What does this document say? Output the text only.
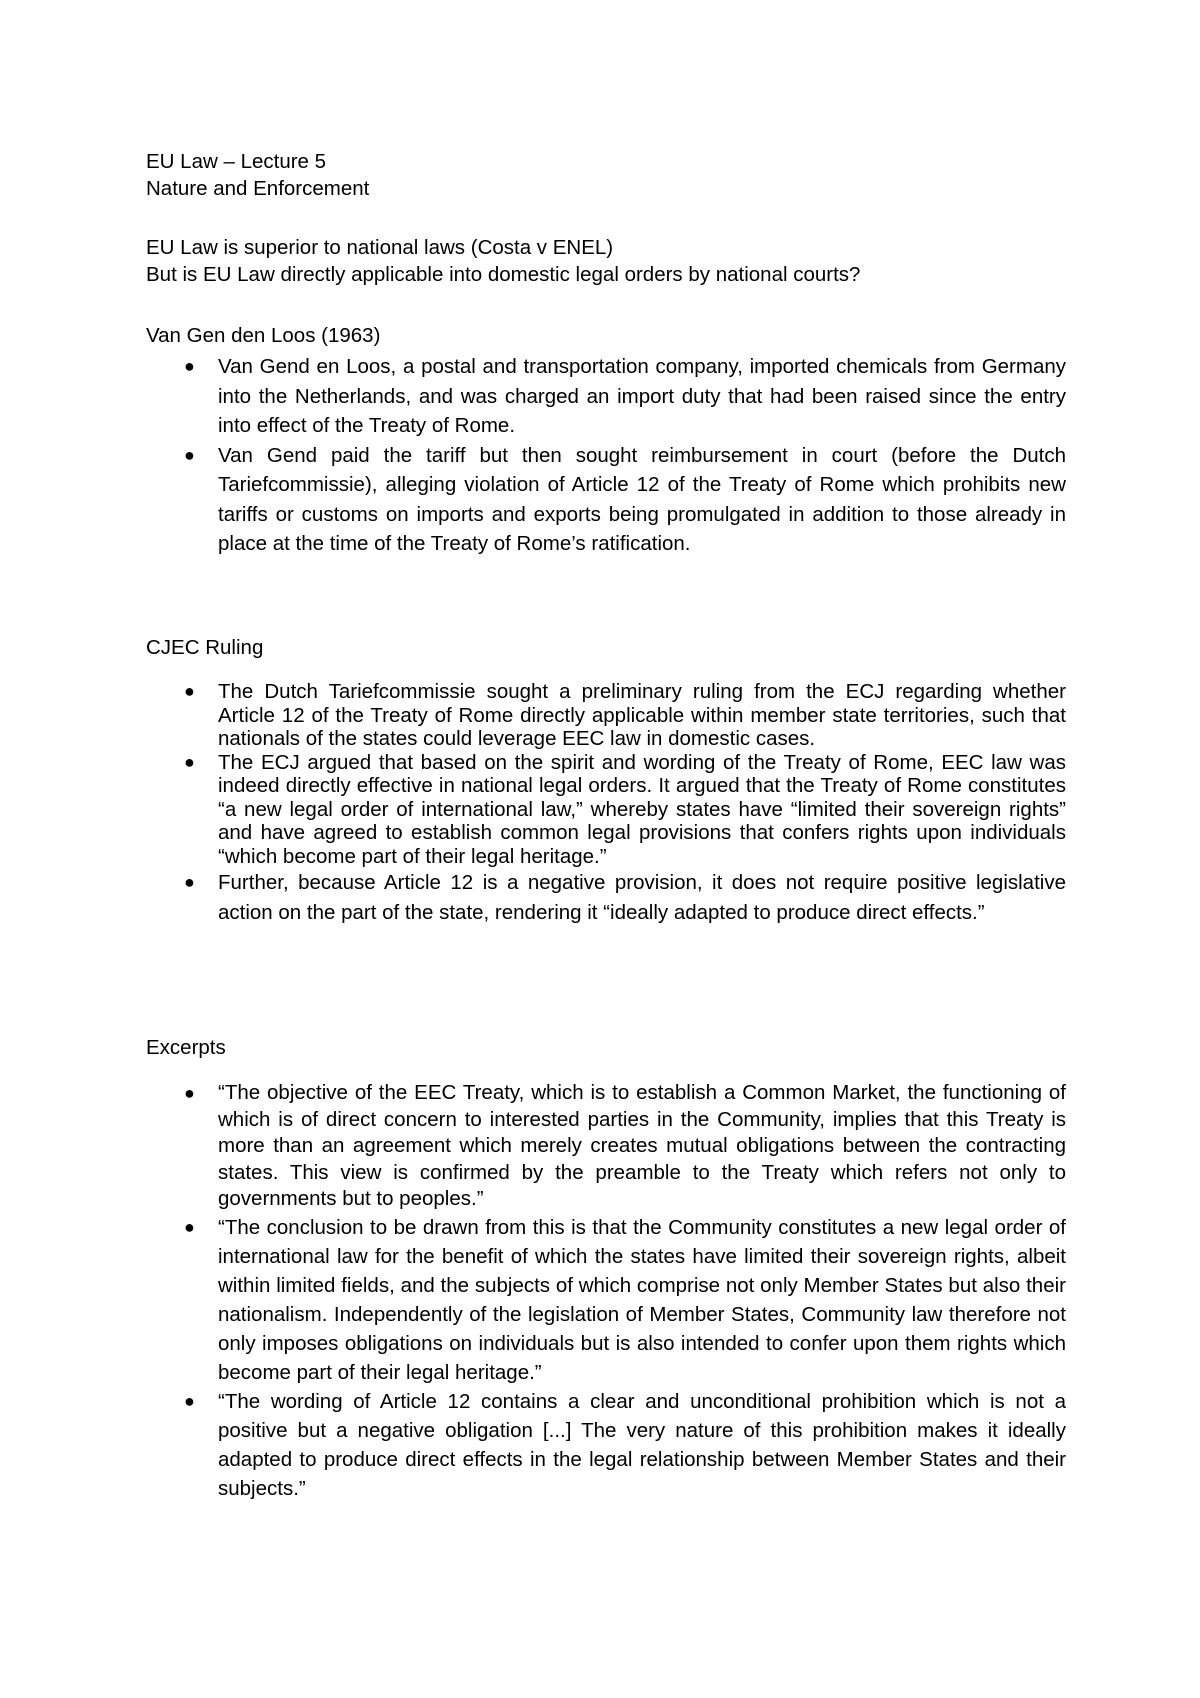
EU Law – Lecture 5
Nature and Enforcement
EU Law is superior to national laws (Costa v ENEL)
But is EU Law directly applicable into domestic legal orders by national courts?
Van Gen den Loos (1963)
● Van Gend en Loos, a postal and transportation company, imported chemicals from Germany into the Netherlands, and was charged an import duty that had been raised since the entry into effect of the Treaty of Rome.
● Van Gend paid the tariff but then sought reimbursement in court (before the Dutch Tariefcommissie), alleging violation of Article 12 of the Treaty of Rome which prohibits new tariffs or customs on imports and exports being promulgated in addition to those already in place at the time of the Treaty of Rome’s ratification.
CJEC Ruling
● The Dutch Tariefcommissie sought a preliminary ruling from the ECJ regarding whether Article 12 of the Treaty of Rome directly applicable within member state territories, such that nationals of the states could leverage EEC law in domestic cases.
● The ECJ argued that based on the spirit and wording of the Treaty of Rome, EEC law was indeed directly effective in national legal orders. It argued that the Treaty of Rome constitutes “a new legal order of international law,” whereby states have “limited their sovereign rights” and have agreed to establish common legal provisions that confers rights upon individuals “which become part of their legal heritage.”
● Further, because Article 12 is a negative provision, it does not require positive legislative action on the part of the state, rendering it “ideally adapted to produce direct effects.”
Excerpts
● “The objective of the EEC Treaty, which is to establish a Common Market, the functioning of which is of direct concern to interested parties in the Community, implies that this Treaty is more than an agreement which merely creates mutual obligations between the contracting states. This view is confirmed by the preamble to the Treaty which refers not only to governments but to peoples.”
● “The conclusion to be drawn from this is that the Community constitutes a new legal order of international law for the benefit of which the states have limited their sovereign rights, albeit within limited fields, and the subjects of which comprise not only Member States but also their nationalism. Independently of the legislation of Member States, Community law therefore not only imposes obligations on individuals but is also intended to confer upon them rights which become part of their legal heritage.”
● “The wording of Article 12 contains a clear and unconditional prohibition which is not a positive but a negative obligation [...] The very nature of this prohibition makes it ideally adapted to produce direct effects in the legal relationship between Member States and their subjects.”
